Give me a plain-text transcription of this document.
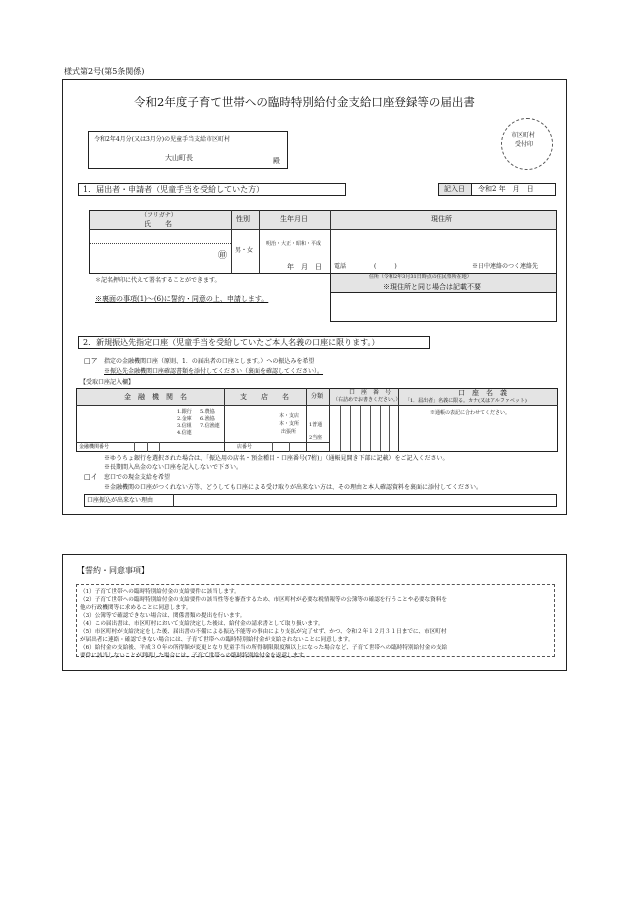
様式第2号(第5条関係)
令和2年度子育て世帯への臨時特別給付金支給口座登録等の届出書
令和2年4月分(又は3月分)の児童手当支給市区町村
大山町長	殿
市区町村
受付印
1．届出者・申請者（児童手当を受給していた方）	記入日 令和2 年　月　日
（フリガナ）
氏　　名
㊞
性別
男・女
生年月日
明治・大正・昭和・平成
年　月　日
現住所
電話	(　　　)	※日中連絡のつく連絡先
住所（令和2年3月31日時点の住民票所在地）
※現住所と同じ場合は記載不要
＊記名押印に代えて署名することができます。
※裏面の事項(1)～(6)に誓約・同意の上、申請します。
2．新規振込先指定口座（児童手当を受給していたご本人名義の口座に限ります。）
□ア 指定の金融機関口座（原則、1．の届出者の口座とします。）への振込みを希望
※振込先金融機関口座確認書類を添付してください（裏面を確認してください）。
【受取口座記入欄】
金　融　機　関　名
1.銀行
2.金庫
3.信組
4.信連
5.農協
6.漁協
7.信漁連
支　　店　　名
本・支店
本・支所
出張所
分類
1普通
2当座
口　座　番　号
（右詰めでお書きください。）
口　座　名　義
「1．届出者」名義に限る。カナ(又はアルファベット)
※通帳の表記に合わせてください。
金融機関番号	店番号
※ゆうちょ銀行を選択された場合は、「振込用の店名・預金種目・口座番号(7桁)」（通帳見開き下部に記載）をご記入ください。
※長期間入出金のない口座を記入しないで下さい。
□イ 窓口での現金支給を希望
※金融機関の口座がつくれない方等、どうしても口座による受け取りが出来ない方は、その理由と本人確認資料を裏面に添付してください。
口座振込が出来ない理由
【誓約・同意事項】
（1）子育て世帯への臨時特別給付金の支給要件に該当します。
（2）子育て世帯への臨時特別給付金の支給要件の該当性等を審査するため、市区町村が必要な税情報等の公簿等の確認を行うことや必要な資料を
他の行政機関等に求めることに同意します。
（3）公簿等で確認できない場合は、関係書類の提出を行います。
（4）この届出書は、市区町村において支給決定した後は、給付金の請求書として取り扱います。
（5）市区町村が支給決定をした後、届出書の不備による振込不能等の事由により支払が完了せず、かつ、令和２年１２月３１日までに、市区町村
が届出者に連絡・確認できない場合には、子育て世帯への臨時特別給付金が支給されないことに同意します。
（6）給付金の支給後、平成３０年の所得額が変更となり児童手当の所得制限限度額以上になった場合など、子育て世帯への臨時特別給付金の支給
要件に該当しないことが判明した場合には、子育て世帯への臨時特別給付金を返還します。
